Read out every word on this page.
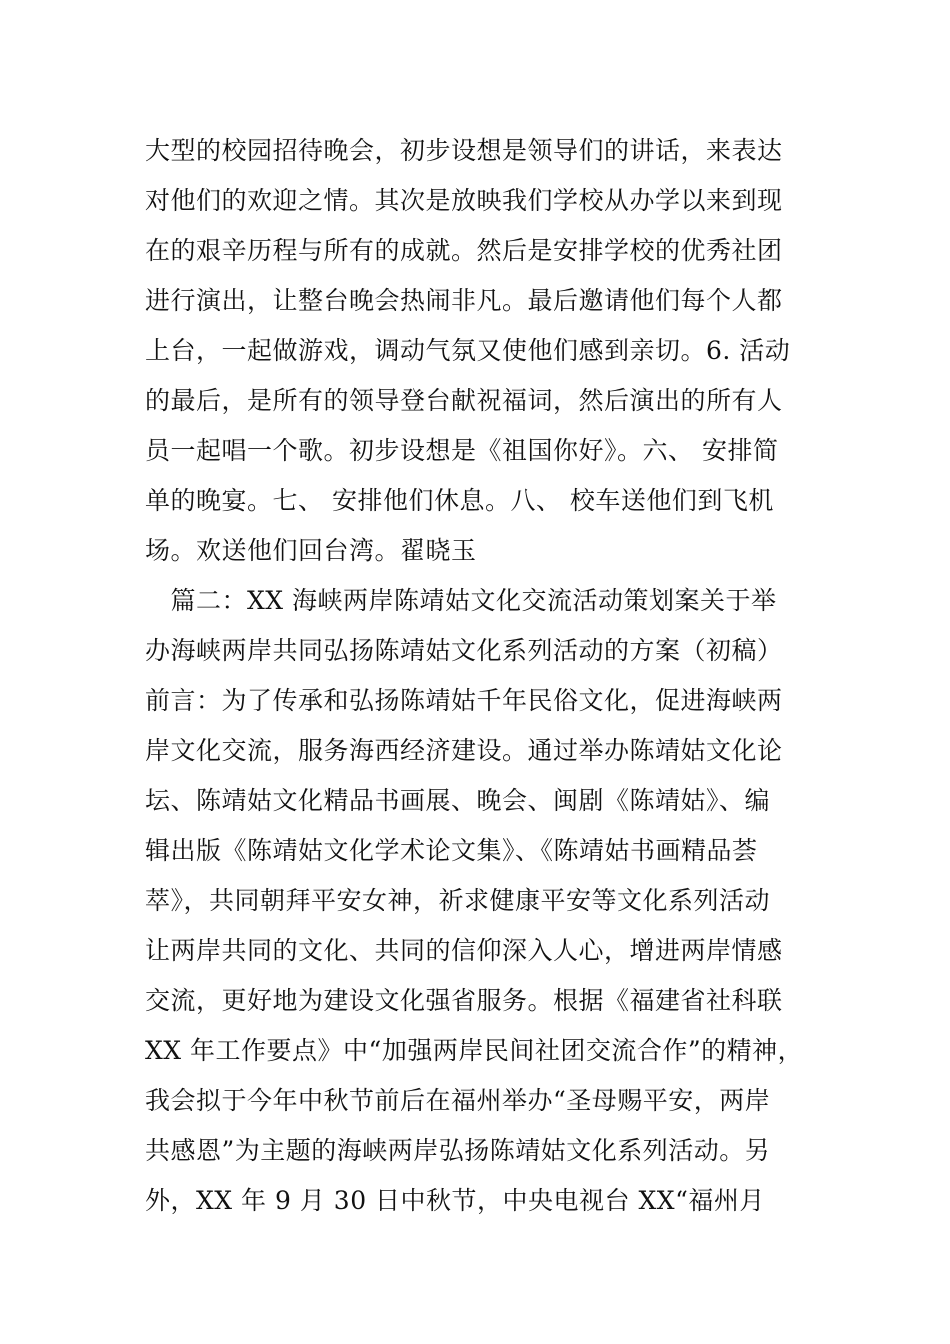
大型的校园招待晚会，初步设想是领导们的讲话，来表达
对他们的欢迎之情。其次是放映我们学校从办学以来到现
在的艰辛历程与所有的成就。然后是安排学校的优秀社团
进行演出，让整台晚会热闹非凡。最后邀请他们每个人都
上台，一起做游戏，调动气氛又使他们感到亲切。6. 活动
的最后，是所有的领导登台献祝福词，然后演出的所有人
员一起唱一个歌。初步设想是《祖国你好》。六、 安排简
单的晚宴。七、 安排他们休息。八、 校车送他们到飞机
场。欢送他们回台湾。翟晓玉
　篇二：XX 海峡两岸陈靖姑文化交流活动策划案关于举
办海峡两岸共同弘扬陈靖姑文化系列活动的方案（初稿）
前言：为了传承和弘扬陈靖姑千年民俗文化，促进海峡两
岸文化交流，服务海西经济建设。通过举办陈靖姑文化论
坛、陈靖姑文化精品书画展、晚会、闽剧《陈靖姑》、编
辑出版《陈靖姑文化学术论文集》、《陈靖姑书画精品荟
萃》，共同朝拜平安女神，祈求健康平安等文化系列活动
让两岸共同的文化、共同的信仰深入人心，增进两岸情感
交流，更好地为建设文化强省服务。根据《福建省社科联
XX 年工作要点》中“加强两岸民间社团交流合作”的精神，
我会拟于今年中秋节前后在福州举办“圣母赐平安，两岸
共感恩”为主题的海峡两岸弘扬陈靖姑文化系列活动。另
外，XX 年 9 月 30 日中秋节，中央电视台 XX“福州月
